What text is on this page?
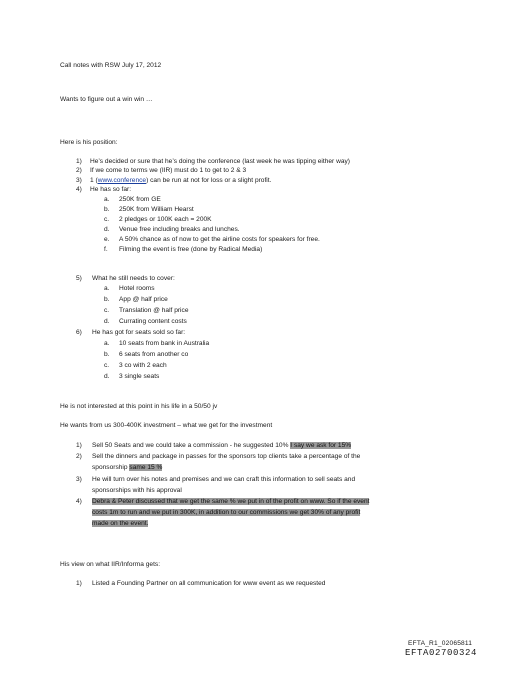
Call notes with RSW July 17, 2012
Wants to figure out a win win …
Here is his position:
1) He’s decided or sure that he’s doing the conference (last week he was tipping either way)
2) If we come to terms we (IIR) must do 1 to get to 2 & 3
3) 1 (www.conference) can be run at not for loss or a slight profit.
4) He has so far:
a. 250K from GE
b. 250K from William Hearst
c. 2 pledges or 100K each = 200K
d. Venue free including breaks and lunches.
e. A 50% chance as of now to get the airline costs for speakers for free.
f. Filming the event is free (done by Radical Media)
5) What he still needs to cover:
a. Hotel rooms
b. App @ half price
c. Translation @ half price
d. Currating content costs
6) He has got for seats sold so far:
a. 10 seats from bank in Australia
b. 6 seats from another co
c. 3 co with 2 each
d. 3 single seats
He is not interested at this point in his life in a 50/50 jv
He wants from us 300-400K investment – what we get for the investment
1) Sell 50 Seats and we could take a commission - he suggested 10% I say we ask for 15%
2) Sell the dinners and package in passes for the sponsors top clients take a percentage of the
sponsorship same 15 %
3) He will turn over his notes and premises and we can craft this information to sell seats and
sponsorships with his approval
4) Debra & Peter discussed that we get the same % we put in of the profit on www. So if the event
costs 1m to run and we put in 300K, in addition to our commissions we get 30% of any profit
made on the event.
His view on what IIR/Informa gets:
1) Listed a Founding Partner on all communication for www event as we requested
EFTA_R1_02065811
EFTA02700324
